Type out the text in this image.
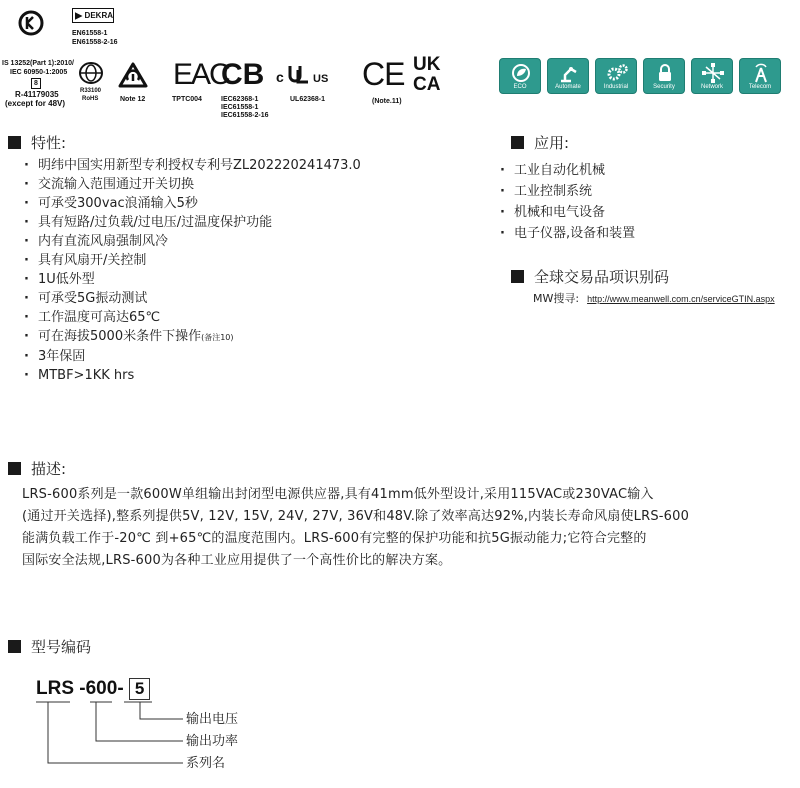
IS 13252(Part 1):2010/
IEC 60950-1:2005
8
R-41179035
(except for 48V)
DEKRA
EN61558-1
EN61558-2-16
R33100
RoHS	Note 12
EAC
TPTC004
CB
IEC62368-1
IEC61558-1
IEC61558-2-16
c	US
UL62368-1
CE
(Note.11)
UK
CA	ECO	Automate	Industrial	Security	Network	Telecom
特性:
· 明纬中国实用新型专利授权专利号ZL202220241473.0
· 交流输入范围通过开关切换
· 可承受300vac浪涌输入5秒
· 具有短路/过负载/过电压/过温度保护功能
· 内有直流风扇强制风冷
· 具有风扇开/关控制
· 1U低外型
· 可承受5G振动测试
· 工作温度可高达65℃
· 可在海拔5000米条件下操作(备注10)
· 3年保固
· MTBF>1KK hrs
应用:
· 工业自动化机械
· 工业控制系统
· 机械和电气设备
· 电子仪器,设备和装置
全球交易品项识别码
MW搜寻: http://www.meanwell.com.cn/serviceGTIN.aspx
描述:

LRS-600系列是一款600W单组输出封闭型电源供应器,具有41mm低外型设计,采用115VAC或230VAC输入

(通过开关选择),整系列提供5V, 12V, 15V, 24V, 27V, 36V和48V.除了效率高达92%,内装长寿命风扇使LRS-600

能满负载工作于-20℃ 到+65℃的温度范围内。LRS-600有完整的保护功能和抗5G振动能力;它符合完整的

国际安全法规,LRS-600为各种工业应用提供了一个高性价比的解决方案。

型号编码
LRS -600- 5
输出电压
输出功率
系列名
